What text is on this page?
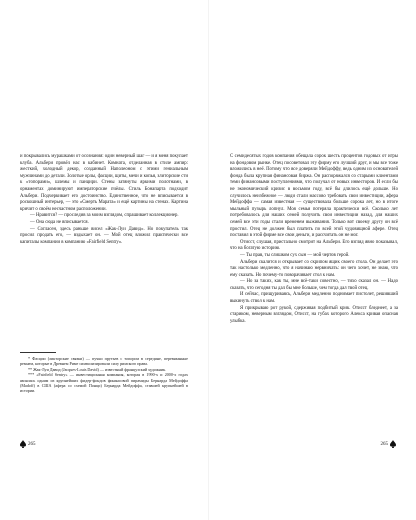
и покрывались мурашками от осознания: один неверный шаг — и я меня покупает клуба. Альбери провёл нас в кабинет. Комната, отделанная в стиле ампир: жесткий, холодный декор, созданный Наполеоном с этими гениальным мужчинами до детали. Золотые орлы, фасции, щиты, мечи и копья, злиторские сти к «топорами», шлемы и панцири. Стены затянуты яркими полотнами, в орнаментах доминируют императорские пчёлы. Стиль Бонапарта подходит Альбери. Подчеркивает его достоинство. Единственное, что не вписывается в роскошный интерьер, — это «Смерть Марата» и ещё картины на стенах. Картина кричит о своём несчастном расположении.

— Нравится? — проследив за моим взглядом, спрашивает коллекционер.

— Она сюда не вписывается.

— Согласен, здесь раньше висел «Жак-Луи Давид». Но покупатель так просил продать его, — вздыхает он. — Мой отец вложил практически все капиталы компании в компанию «Fairfield Sentry».

* Фасции (ликторские связки) — пучки прутьев с топором в середине, перевязанные ремнем, которые в Древнем Риме символизировали силу римского права.

** Жак-Луи Давид (Jacques-Louis David) — известный французский художник.

*** «Fairfield Sentry» — инвестиционная компания, которая в 1990-х и 2000-х годах являлась одним из крупнейших фидер-фондов финансовой пирамиды Бернарда Мейдоффа (Madoff) в США (афера со схемой Понци) Бернарда Мейдоффа, ставшей крупнейшей в истории.

265

С семидесятых годов компания обещала сорок шесть процентов годовых от игры на фондовом рынке. Отец посоветовал эту фирму его лучший друг, и мы все тоже вложились в неё. Потому что все доверяли Мейдоффу, ведь одним из основателей фонда была крупная финансовая биржа. Он распоряжался со старыми клиентами теми финансовыми поступлениями, что получал от новых инвесторов. И если бы не экономический кризис в восьмом году, всё бы длилось ещё дольше. Но случилось неизбежное — люди стали массово требовать свои инвестиции, афера Мейдоффа — самая известная — существовала больше сорока лет, но в итоге мыльный пузырь лопнул. Моя семья потеряла практически всё. Сколько лет потребовалось для наших семей получить свои инвестиции назад, для наших семей все эти годы стали временем выживания. Только вот своему другу он всё простил. Отец не должен был платить по всей этой чудовищной афере. Отец поставил в этой фирме все свои деньги, и рассчитать он не мог.

Отисст, слушая, пристально смотрит на Альбери. Его взгляд явно показывал, что на богатую историю.

— Ты прав, ты слишком сух сын — мой чертов герой.

Альбери скалится и открывает со скрипом ящик своего стола. Он делает это так настолько медленно, что я начинаю нервничать: он чего хочет, не знаю, что ему сказать. Но почему-то поворачивает стол к нам.

— Но за таких, как ты, мне всё-таки совестно, — тихо сказал он. — Надо сказать, что сегодня ты дал бы мне больше, чем тогда дал твой отец.

И сейчас, прищуриваясь, Альбери медленно поднимает пистолет, решивший выкинуть ствол к нам.

Я прикрываю рот рукой, сдерживая подбитый крик. Отисст бледнеет, а за стариком, неверным взглядом, Отисст, на губах которого Алекса кривая опасная улыбка.

265
